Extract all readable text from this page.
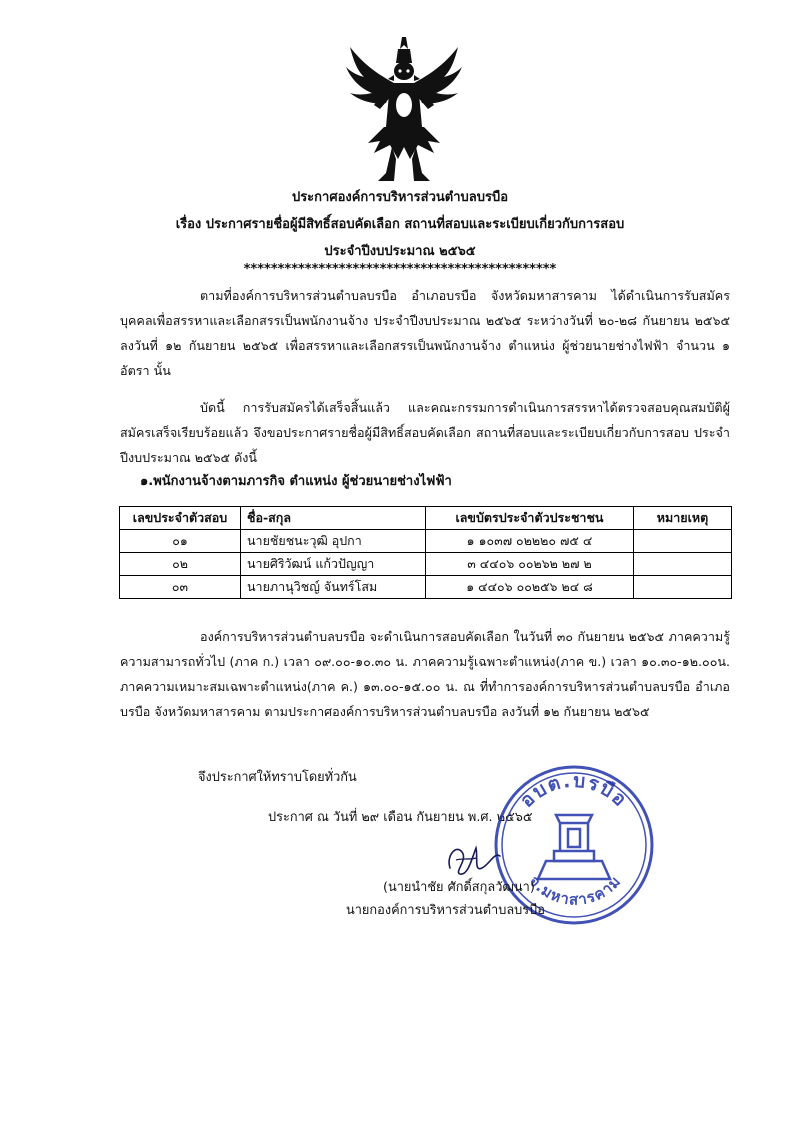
ประกาศองค์การบริหารส่วนตำบลบรบือ
เรื่อง ประกาศรายชื่อผู้มีสิทธิ์สอบคัดเลือก สถานที่สอบและระเบียบเกี่ยวกับการสอบ
ประจำปีงบประมาณ ๒๕๖๕
**********************************************
ตามที่องค์การบริหารส่วนตำบลบรบือ อำเภอบรบือ จังหวัดมหาสารคาม ได้ดำเนินการรับสมัครบุคคลเพื่อสรรหาและเลือกสรรเป็นพนักงานจ้าง ประจำปีงบประมาณ ๒๕๖๕ ระหว่างวันที่ ๒๐-๒๘ กันยายน ๒๕๖๕ ลงวันที่ ๑๒ กันยายน ๒๕๖๕ เพื่อสรรหาและเลือกสรรเป็นพนักงานจ้าง ตำแหน่ง ผู้ช่วยนายช่างไฟฟ้า จำนวน ๑ อัตรา นั้น
บัดนี้ การรับสมัครได้เสร็จสิ้นแล้ว และคณะกรรมการดำเนินการสรรหาได้ตรวจสอบคุณสมบัติผู้สมัครเสร็จเรียบร้อยแล้ว จึงขอประกาศรายชื่อผู้มีสิทธิ์สอบคัดเลือก สถานที่สอบและระเบียบเกี่ยวกับการสอบ ประจำปีงบประมาณ ๒๕๖๕ ดังนี้
๑.พนักงานจ้างตามภารกิจ ตำแหน่ง ผู้ช่วยนายช่างไฟฟ้า
เลขประจำตัวสอบ	ชื่อ-สกุล	เลขบัตรประจำตัวประชาชน	หมายเหตุ
๐๑	นายชัยชนะวุฒิ อุปกา	๑ ๑๐๓๗ ๐๒๒๒๐ ๗๕ ๔	
๐๒	นายศิริวัฒน์ แก้วปัญญา	๓ ๔๔๐๖ ๐๐๒๖๒ ๒๗ ๒	
๐๓	นายภานุวิชญ์ จันทร์โสม	๑ ๔๔๐๖ ๐๐๒๕๖ ๒๔ ๘	
องค์การบริหารส่วนตำบลบรบือ จะดำเนินการสอบคัดเลือก ในวันที่ ๓๐ กันยายน ๒๕๖๕ ภาคความรู้ความสามารถทั่วไป (ภาค ก.) เวลา ๐๙.๐๐-๑๐.๓๐ น. ภาคความรู้เฉพาะตำแหน่ง(ภาค ข.) เวลา ๑๐.๓๐-๑๒.๐๐น. ภาคความเหมาะสมเฉพาะตำแหน่ง(ภาค ค.) ๑๓.๐๐-๑๕.๐๐ น. ณ ที่ทำการองค์การบริหารส่วนตำบลบรบือ อำเภอบรบือ จังหวัดมหาสารคาม ตามประกาศองค์การบริหารส่วนตำบลบรบือ ลงวันที่ ๑๒ กันยายน ๒๕๖๕
จึงประกาศให้ทราบโดยทั่วกัน
ประกาศ ณ วันที่ ๒๙ เดือน กันยายน พ.ศ. ๒๕๖๕
อบต.บรบือ
จ.มหาสารคาม
(นายนำชัย ศักดิ์สกุลวัฒนา)
นายกองค์การบริหารส่วนตำบลบรบือ
